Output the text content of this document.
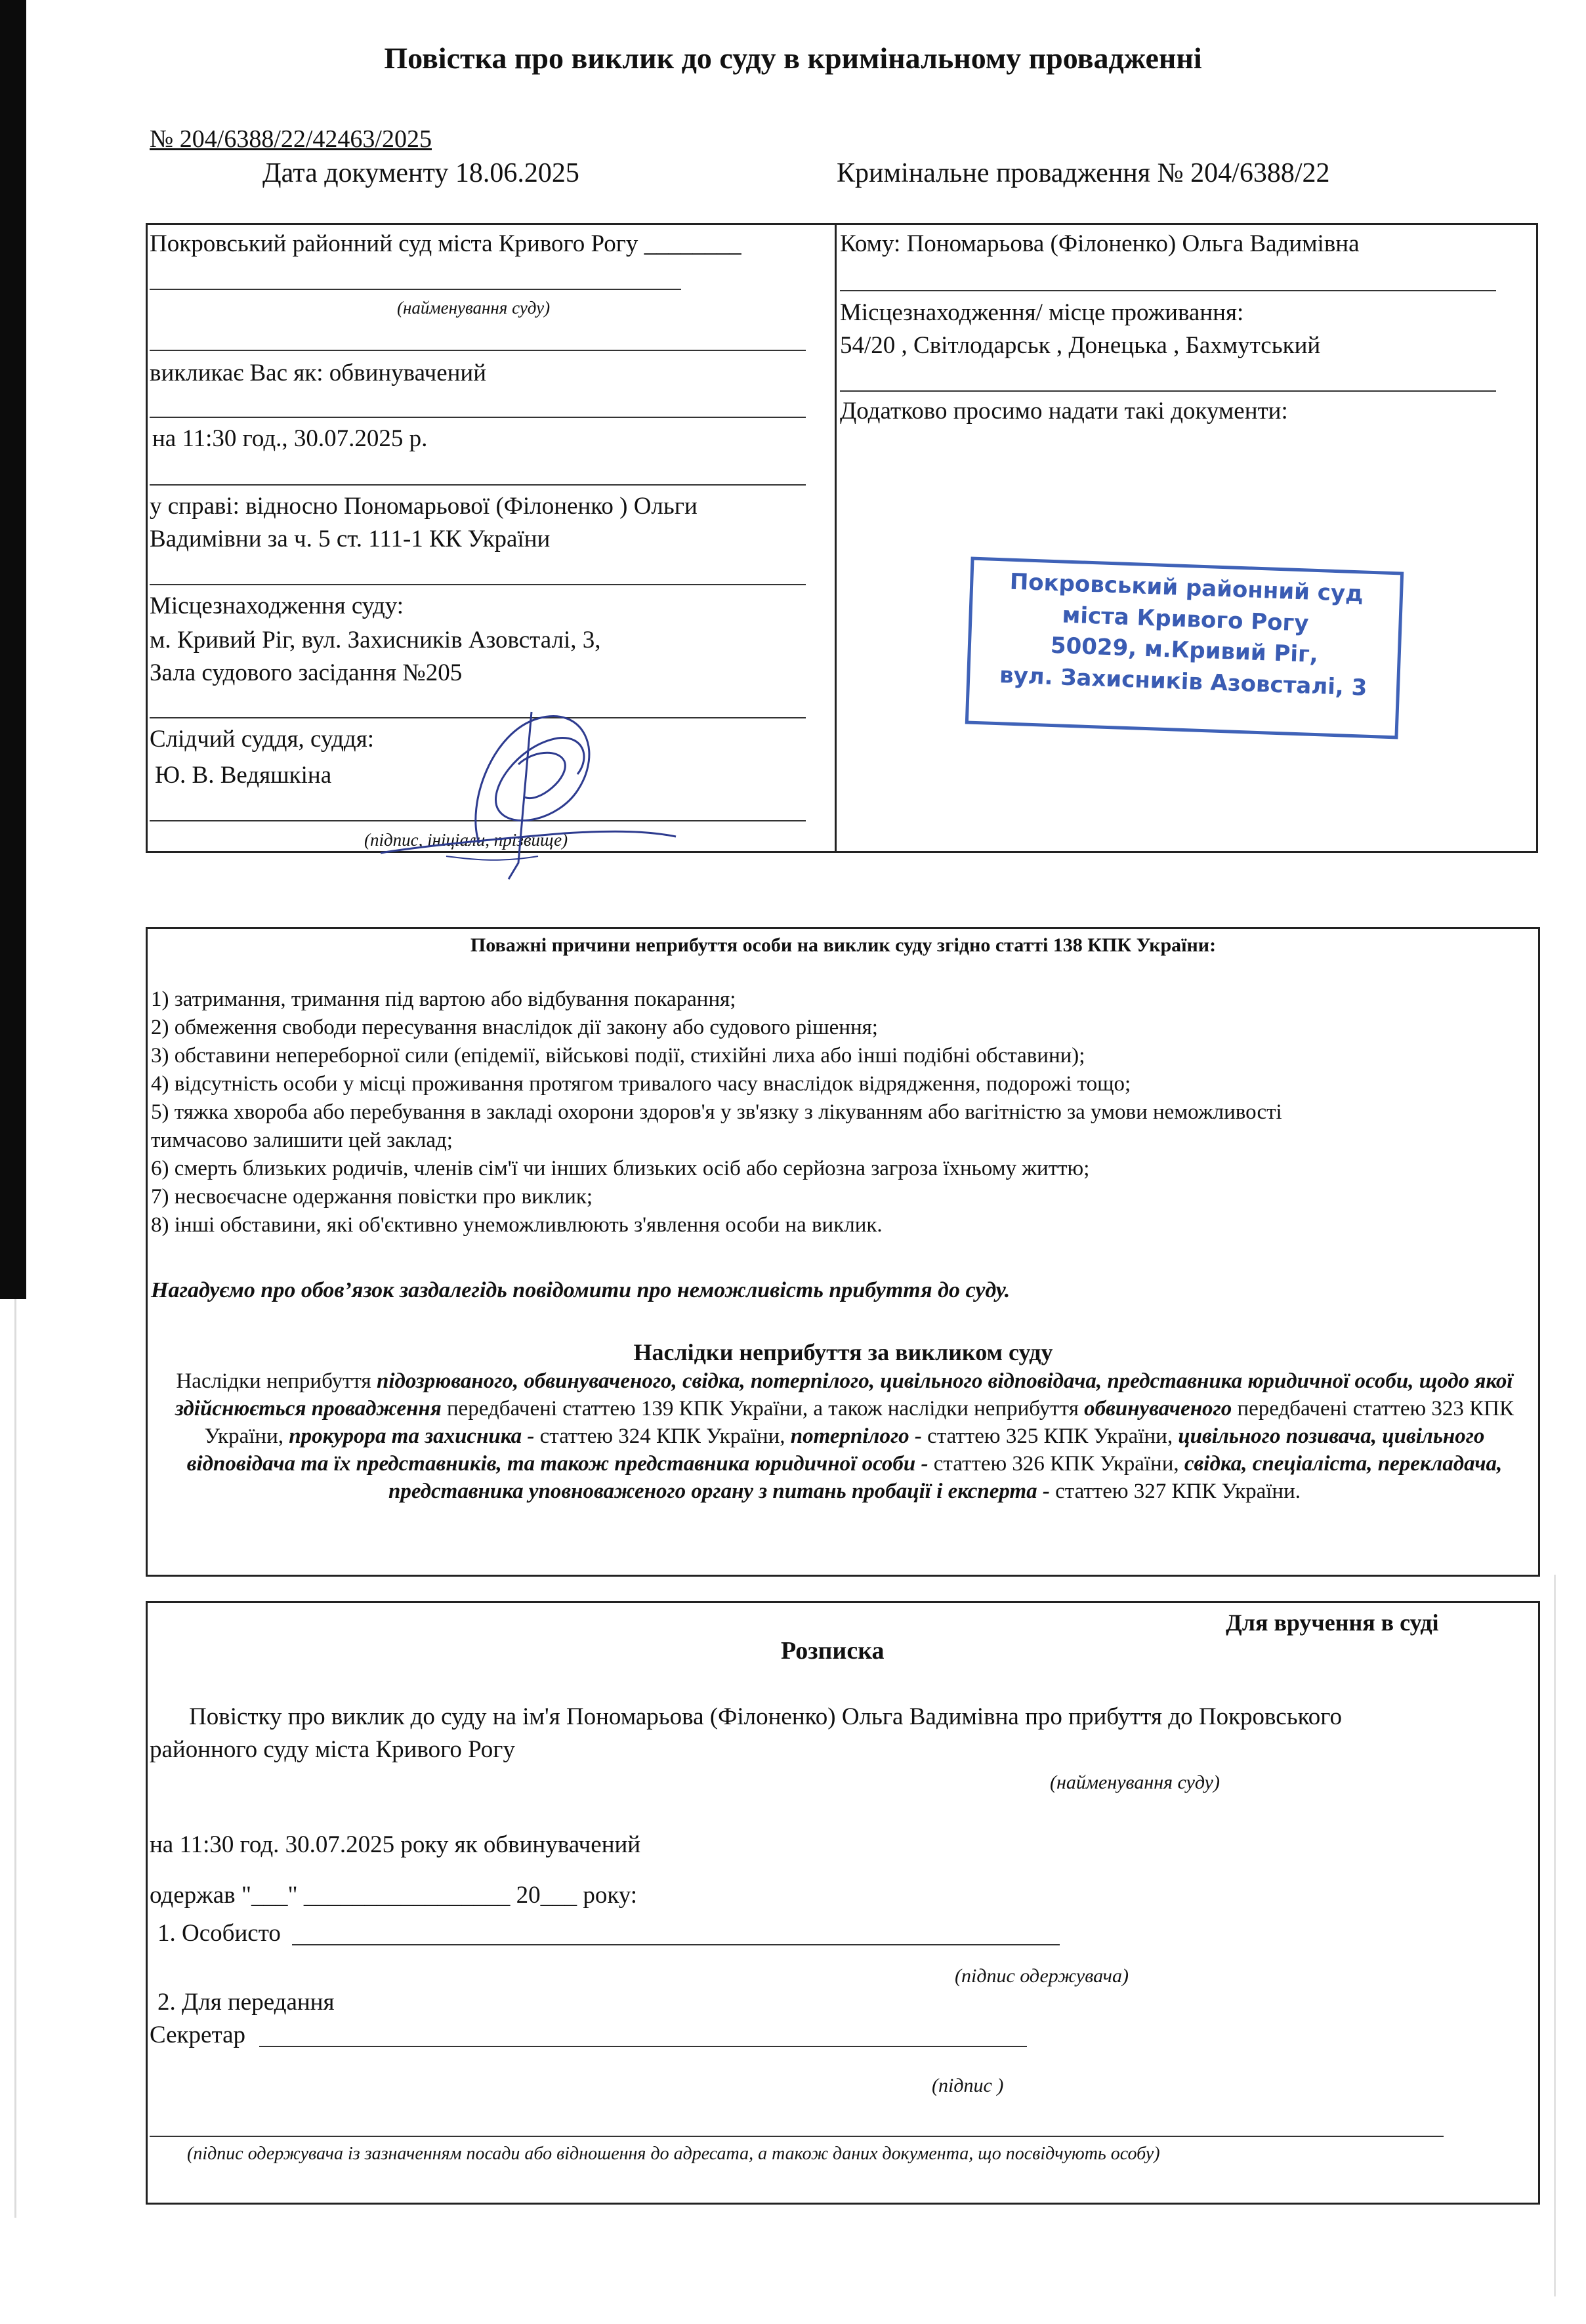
Повістка про виклик до суду в кримінальному провадженні
№ 204/6388/22/42463/2025
Дата документу 18.06.2025	Кримінальне провадження № 204/6388/22
Покровський районний суд міста Кривого Рогу ________
(найменування суду)
викликає Вас як: обвинувачений
на 11:30 год., 30.07.2025 р.
у справі: відносно Пономарьової (Філоненко ) Ольги
Вадимівни за ч. 5 ст. 111-1 КК України
Місцезнаходження суду:
м. Кривий Ріг, вул. Захисників Азовсталі, 3,
Зала судового засідання №205
Слідчий суддя, суддя:
Ю. В. Ведяшкіна
(підпис, ініціали, прізвище)
Кому: Пономарьова (Філоненко) Ольга Вадимівна
Місцезнаходження/ місце проживання:
54/20 , Світлодарськ , Донецька , Бахмутський
Додатково просимо надати такі документи:
Покровський районний суд
міста Кривого Рогу
50029, м.Кривий Ріг,
вул. Захисників Азовсталі, 3
Поважні причини неприбуття особи на виклик суду згідно статті 138 КПК України:
1) затримання, тримання під вартою або відбування покарання;
2) обмеження свободи пересування внаслідок дії закону або судового рішення;
3) обставини непереборної сили (епідемії, військові події, стихійні лиха або інші подібні обставини);
4) відсутність особи у місці проживання протягом тривалого часу внаслідок відрядження, подорожі тощо;
5) тяжка хвороба або перебування в закладі охорони здоров'я у зв'язку з лікуванням або вагітністю за умови неможливості
тимчасово залишити цей заклад;
6) смерть близьких родичів, членів сім'ї чи інших близьких осіб або серйозна загроза їхньому життю;
7) несвоєчасне одержання повістки про виклик;
8) інші обставини, які об'єктивно унеможливлюють з'явлення особи на виклик.
Нагадуємо про обов’язок заздалегідь повідомити про неможливість прибуття до суду.
Наслідки неприбуття за викликом суду
Наслідки неприбуття підозрюваного, обвинуваченого, свідка, потерпілого, цивільного відповідача, представника юридичної особи, щодо якої здійснюється провадження передбачені статтею 139 КПК України, а також наслідки неприбуття обвинуваченого передбачені статтею 323 КПК України, прокурора та захисника - статтею 324 КПК України, потерпілого - статтею 325 КПК України, цивільного позивача, цивільного відповідача та їх представників, та також представника юридичної особи - статтею 326 КПК України, свідка, спеціаліста, перекладача, представника уповноваженого органу з питань пробації і експерта - статтею 327 КПК України.
Для вручення в суді
Розписка
Повістку про виклик до суду на ім'я Пономарьова (Філоненко) Ольга Вадимівна про прибуття до Покровського
районного суду міста Кривого Рогу
(найменування суду)
на 11:30 год. 30.07.2025 року як обвинувачений
одержав "___" _________________ 20___ року:
1. Особисто
(підпис одержувача)
2. Для передання
Секретар
(підпис )
(підпис одержувача із зазначенням посади або відношення до адресата, а також даних документа, що посвідчують особу)
